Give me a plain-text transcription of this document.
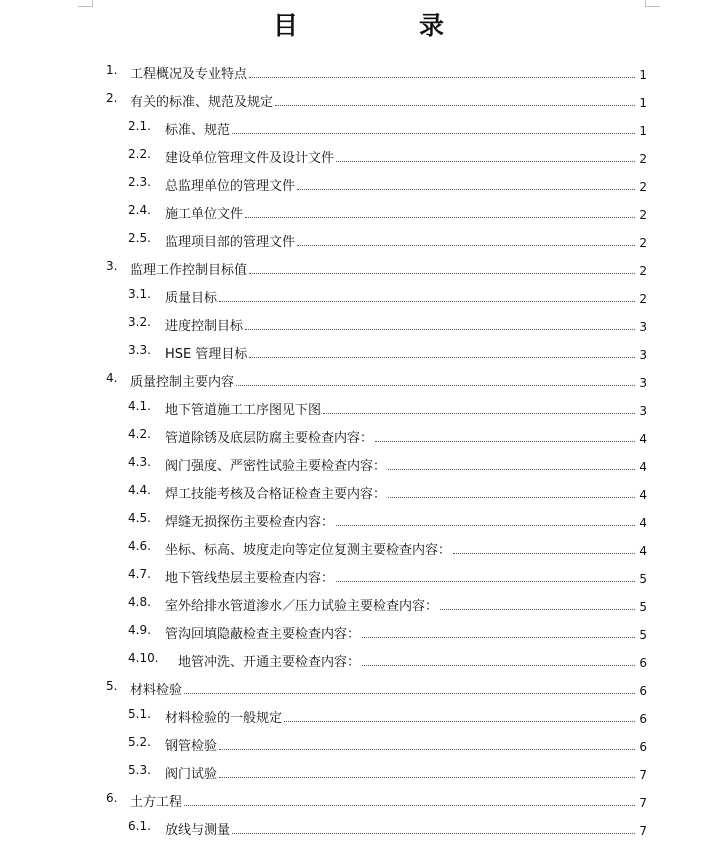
目　录
1. 工程概况及专业特点	1
2. 有关的标准、规范及规定	1
2.1. 标准、规范	1
2.2. 建设单位管理文件及设计文件	2
2.3. 总监理单位的管理文件	2
2.4. 施工单位文件	2
2.5. 监理项目部的管理文件	2
3. 监理工作控制目标值	2
3.1. 质量目标	2
3.2. 进度控制目标	3
3.3. HSE 管理目标	3
4. 质量控制主要内容	3
4.1. 地下管道施工工序图见下图	3
4.2. 管道除锈及底层防腐主要检查内容：	4
4.3. 阀门强度、严密性试验主要检查内容：	4
4.4. 焊工技能考核及合格证检查主要内容：	4
4.5. 焊缝无损探伤主要检查内容：	4
4.6. 坐标、标高、坡度走向等定位复测主要检查内容：	4
4.7. 地下管线垫层主要检查内容：	5
4.8. 室外给排水管道渗水／压力试验主要检查内容：	5
4.9. 管沟回填隐蔽检查主要检查内容：	5
4.10. 地管冲洗、开通主要检查内容：	6
5. 材料检验	6
5.1. 材料检验的一般规定	6
5.2. 钢管检验	6
5.3. 阀门试验	7
6. 土方工程	7
6.1. 放线与测量	7
